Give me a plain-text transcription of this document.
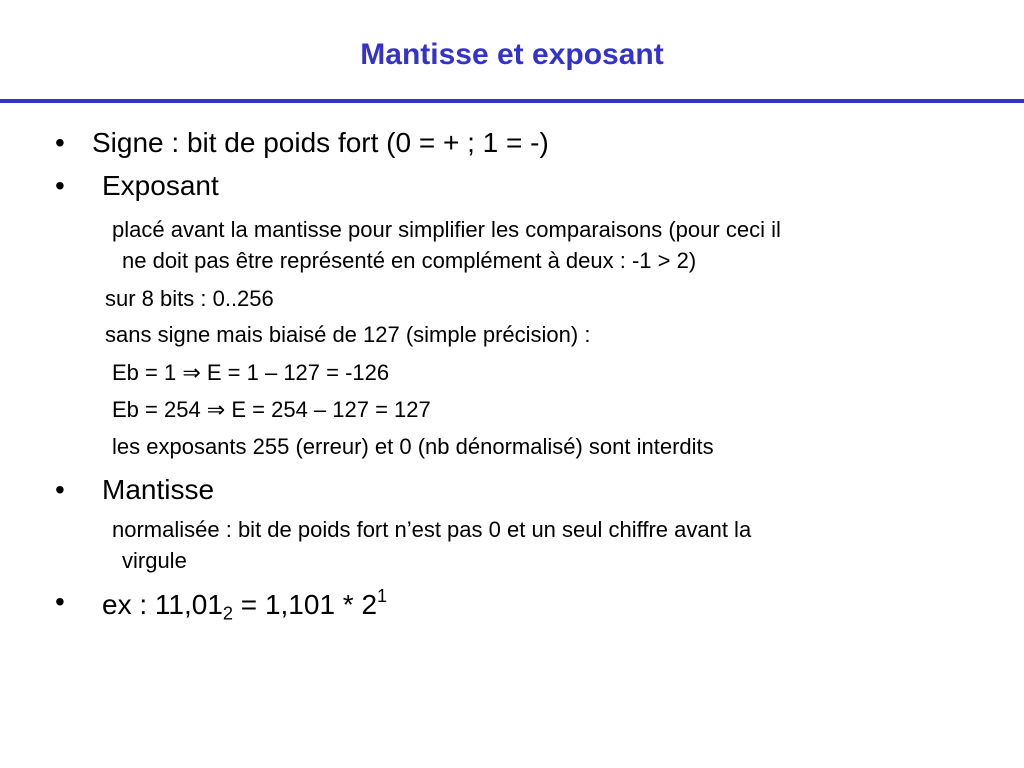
Mantisse et exposant
• Signe : bit de poids fort (0 = + ; 1 = -)
• Exposant
placé avant la mantisse pour simplifier les comparaisons (pour ceci il
ne doit pas être représenté en complément à deux : -1 > 2)
sur 8 bits : 0..256
sans signe mais biaisé de 127 (simple précision) :
Eb = 1 ⇒ E = 1 – 127 = -126
Eb = 254 ⇒ E = 254 – 127 = 127
les exposants 255 (erreur) et 0 (nb dénormalisé) sont interdits
• Mantisse
normalisée : bit de poids fort n’est pas 0 et un seul chiffre avant la
virgule
• ex : $11,01_2 = 1,101 * 2^1$
